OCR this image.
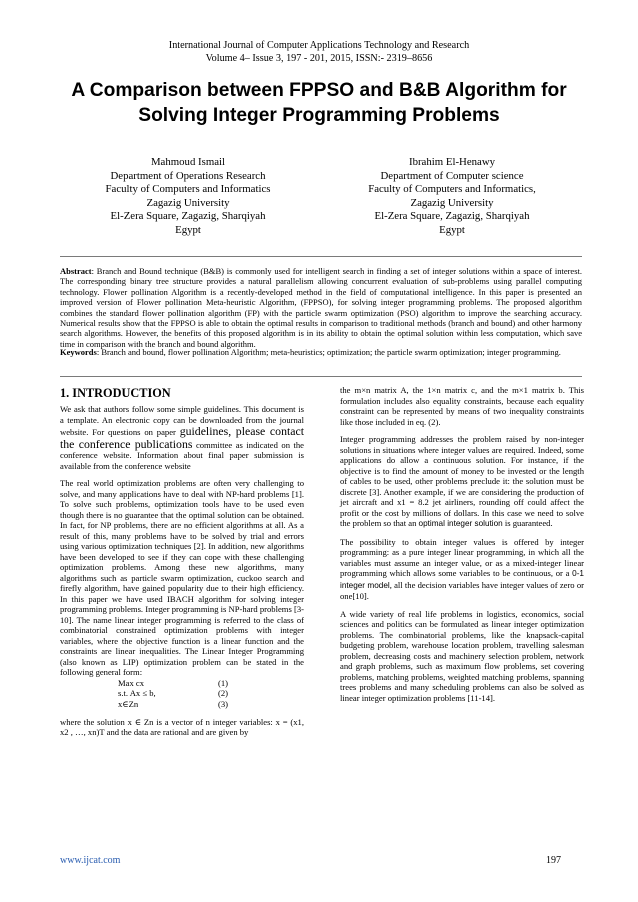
International Journal of Computer Applications Technology and Research
Volume 4– Issue 3, 197 - 201, 2015, ISSN:- 2319–8656
A Comparison between FPPSO and B&B Algorithm for
Solving Integer Programming Problems
Mahmoud Ismail
Department of Operations Research
Faculty of Computers and Informatics
Zagazig University
El-Zera Square, Zagazig, Sharqiyah
Egypt
Ibrahim El-Henawy
Department of Computer science
Faculty of Computers and Informatics,
Zagazig University
El-Zera Square, Zagazig, Sharqiyah
Egypt
Abstract: Branch and Bound technique (B&B) is commonly used for intelligent search in finding a set of integer solutions within a space of interest. The corresponding binary tree structure provides a natural parallelism allowing concurrent evaluation of sub-problems using parallel computing technology. Flower pollination Algorithm is a recently-developed method in the field of computational intelligence. In this paper is presented an improved version of Flower pollination Meta-heuristic Algorithm, (FPPSO), for solving integer programming problems. The proposed algorithm combines the standard flower pollination algorithm (FP) with the particle swarm optimization (PSO) algorithm to improve the searching accuracy. Numerical results show that the FPPSO is able to obtain the optimal results in comparison to traditional methods (branch and bound) and other harmony search algorithms. However, the benefits of this proposed algorithm is in its ability to obtain the optimal solution within less computation, which save time in comparison with the branch and bound algorithm.
Keywords: Branch and bound, flower pollination Algorithm; meta-heuristics; optimization; the particle swarm optimization; integer programming.
1. INTRODUCTION

We ask that authors follow some simple guidelines. This document is a template. An electronic copy can be downloaded from the journal website. For questions on paper guidelines, please contact the conference publications committee as indicated on the conference website. Information about final paper submission is available from the conference website

The real world optimization problems are often very challenging to solve, and many applications have to deal with NP-hard problems [1]. To solve such problems, optimization tools have to be used even though there is no guarantee that the optimal solution can be obtained. In fact, for NP problems, there are no efficient algorithms at all. As a result of this, many problems have to be solved by trial and errors using various optimization techniques [2]. In addition, new algorithms have been developed to see if they can cope with these challenging optimization problems. Among these new algorithms, many algorithms such as particle swarm optimization, cuckoo search and firefly algorithm, have gained popularity due to their high efficiency. In this paper we have used IBACH algorithm for solving integer programming problems. Integer programming is NP-hard problems [3-10]. The name linear integer programming is referred to the class of combinatorial constrained optimization problems with integer variables, where the objective function is a linear function and the constraints are linear inequalities. The Linear Integer Programming (also known as LIP) optimization problem can be stated in the following general form:

Max cx	(1)
s.t. Ax ≤ b,	(2)
x∈Zn	(3)

where the solution x ∈ Zn is a vector of n integer variables: x = (x1, x2 , …, xn)T and the data are rational and are given by

the m×n matrix A, the 1×n matrix c, and the m×1 matrix b. This formulation includes also equality constraints, because each equality constraint can be represented by means of two inequality constraints like those included in eq. (2).

Integer programming addresses the problem raised by non-integer solutions in situations where integer values are required. Indeed, some applications do allow a continuous solution. For instance, if the objective is to find the amount of money to be invested or the length of cables to be used, other problems preclude it: the solution must be discrete [3]. Another example, if we are considering the production of jet aircraft and x1 = 8.2 jet airliners, rounding off could affect the profit or the cost by millions of dollars. In this case we need to solve the problem so that an optimal integer solution is guaranteed.

The possibility to obtain integer values is offered by integer programming: as a pure integer linear programming, in which all the variables must assume an integer value, or as a mixed-integer linear programming which allows some variables to be continuous, or a 0-1 integer model, all the decision variables have integer values of zero or one[10].

A wide variety of real life problems in logistics, economics, social sciences and politics can be formulated as linear integer optimization problems. The combinatorial problems, like the knapsack-capital budgeting problem, warehouse location problem, travelling salesman problem, decreasing costs and machinery selection problem, network and graph problems, such as maximum flow problems, set covering problems, matching problems, weighted matching problems, spanning trees problems and many scheduling problems can also be solved as linear integer optimization problems [11-14].

www.ijcat.com	197
